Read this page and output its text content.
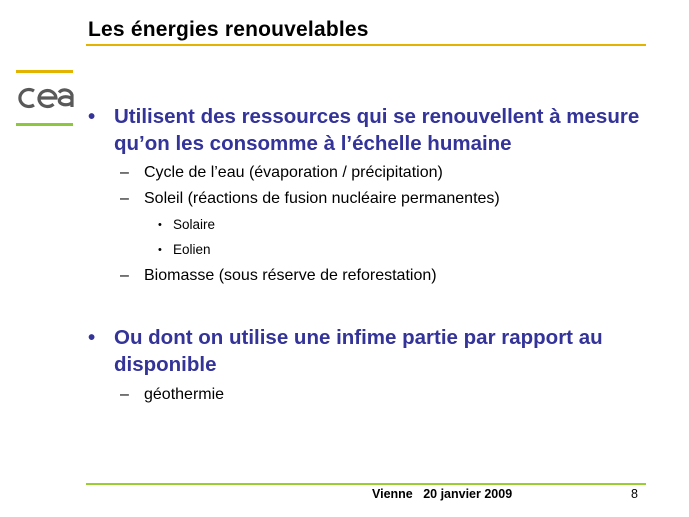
Les énergies renouvelables
• Utilisent des ressources qui se renouvellent à mesure qu’on les consomme à l’échelle humaine
– Cycle de l’eau (évaporation / précipitation)
– Soleil (réactions de fusion nucléaire permanentes)
• Solaire
• Eolien
– Biomasse (sous réserve de reforestation)
• Ou dont on utilise une infime partie par rapport au disponible
– géothermie
Vienne 20 janvier 2009	8
